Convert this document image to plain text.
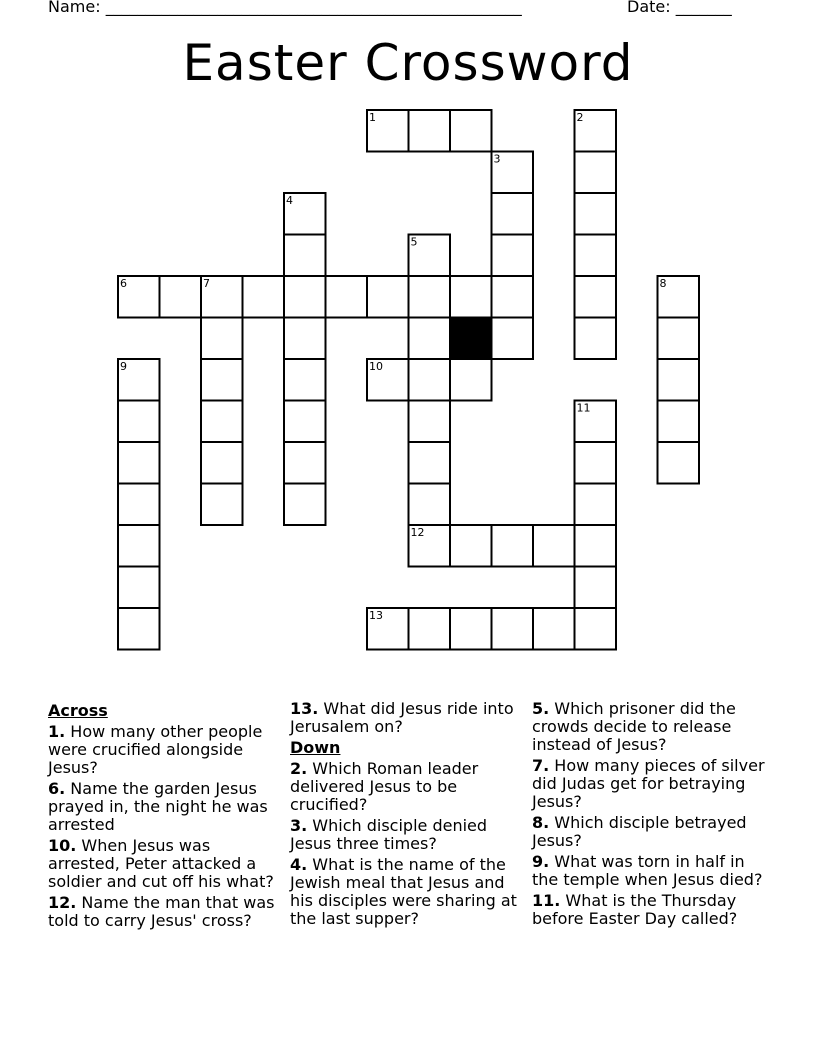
Name: ____________________________________________________	Date: _______
Easter Crossword
1	2
3
4
5
12
6	7	8
9	10
11
13
Across
1. How many other people were crucified alongside Jesus?
6. Name the garden Jesus prayed in, the night he was arrested
10. When Jesus was arrested, Peter attacked a soldier and cut off his what?
12. Name the man that was told to carry Jesus' cross?
13. What did Jesus ride into Jerusalem on?
Down
2. Which Roman leader delivered Jesus to be crucified?
3. Which disciple denied Jesus three times?
4. What is the name of the Jewish meal that Jesus and his disciples were sharing at the last supper?
5. Which prisoner did the crowds decide to release instead of Jesus?
7. How many pieces of silver did Judas get for betraying Jesus?
8. Which disciple betrayed Jesus?
9. What was torn in half in the temple when Jesus died?
11. What is the Thursday before Easter Day called?
